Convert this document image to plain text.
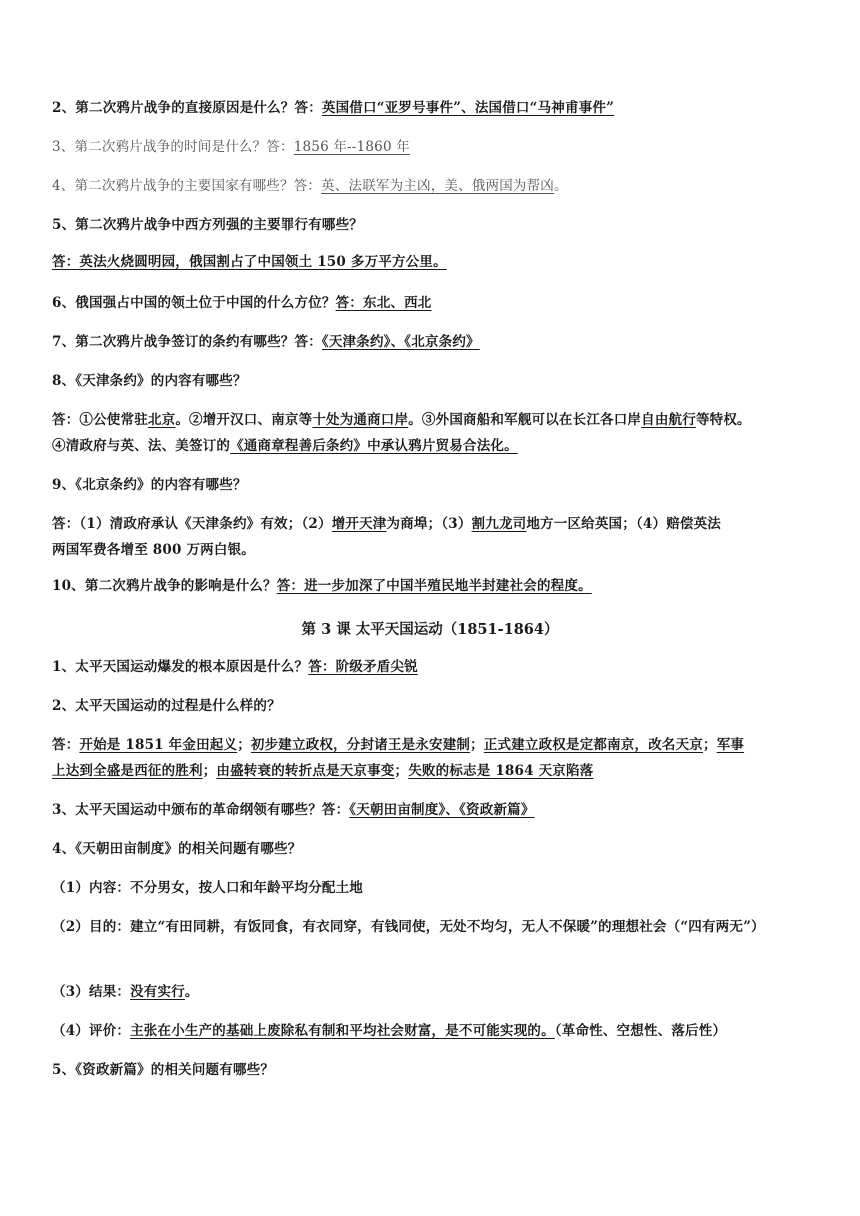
2、第二次鸦片战争的直接原因是什么？答：英国借口“亚罗号事件”、法国借口“马神甫事件”
3、第二次鸦片战争的时间是什么？答：1856 年--1860 年
4、第二次鸦片战争的主要国家有哪些？答：英、法联军为主凶，美、俄两国为帮凶。
5、第二次鸦片战争中西方列强的主要罪行有哪些？
答：英法火烧圆明园，俄国割占了中国领土 150 多万平方公里。
6、俄国强占中国的领土位于中国的什么方位？答：东北、西北
7、第二次鸦片战争签订的条约有哪些？答：《天津条约》、《北京条约》
8、《天津条约》的内容有哪些？
答：①公使常驻北京。②增开汉口、南京等十处为通商口岸。③外国商船和军舰可以在长江各口岸自由航行等特权。
④清政府与英、法、美签订的《通商章程善后条约》中承认鸦片贸易合法化。
9、《北京条约》的内容有哪些？
答：（1）清政府承认《天津条约》有效；（2）增开天津为商埠；（3）割九龙司地方一区给英国；（4）赔偿英法
两国军费各增至 800 万两白银。
10、第二次鸦片战争的影响是什么？答：进一步加深了中国半殖民地半封建社会的程度。
第 3 课 太平天国运动（1851-1864）
1、太平天国运动爆发的根本原因是什么？答：阶级矛盾尖锐
2、太平天国运动的过程是什么样的？
答：开始是 1851 年金田起义；初步建立政权，分封诸王是永安建制；正式建立政权是定都南京，改名天京；军事
上达到全盛是西征的胜利；由盛转衰的转折点是天京事变；失败的标志是 1864 天京陷落
3、太平天国运动中颁布的革命纲领有哪些？答：《天朝田亩制度》、《资政新篇》
4、《天朝田亩制度》的相关问题有哪些？
（1）内容：不分男女，按人口和年龄平均分配土地
（2）目的：建立“有田同耕，有饭同食，有衣同穿，有钱同使，无处不均匀，无人不保暖”的理想社会（“四有两无”）
（3）结果：没有实行。
（4）评价：主张在小生产的基础上废除私有制和平均社会财富，是不可能实现的。（革命性、空想性、落后性）
5、《资政新篇》的相关问题有哪些？
